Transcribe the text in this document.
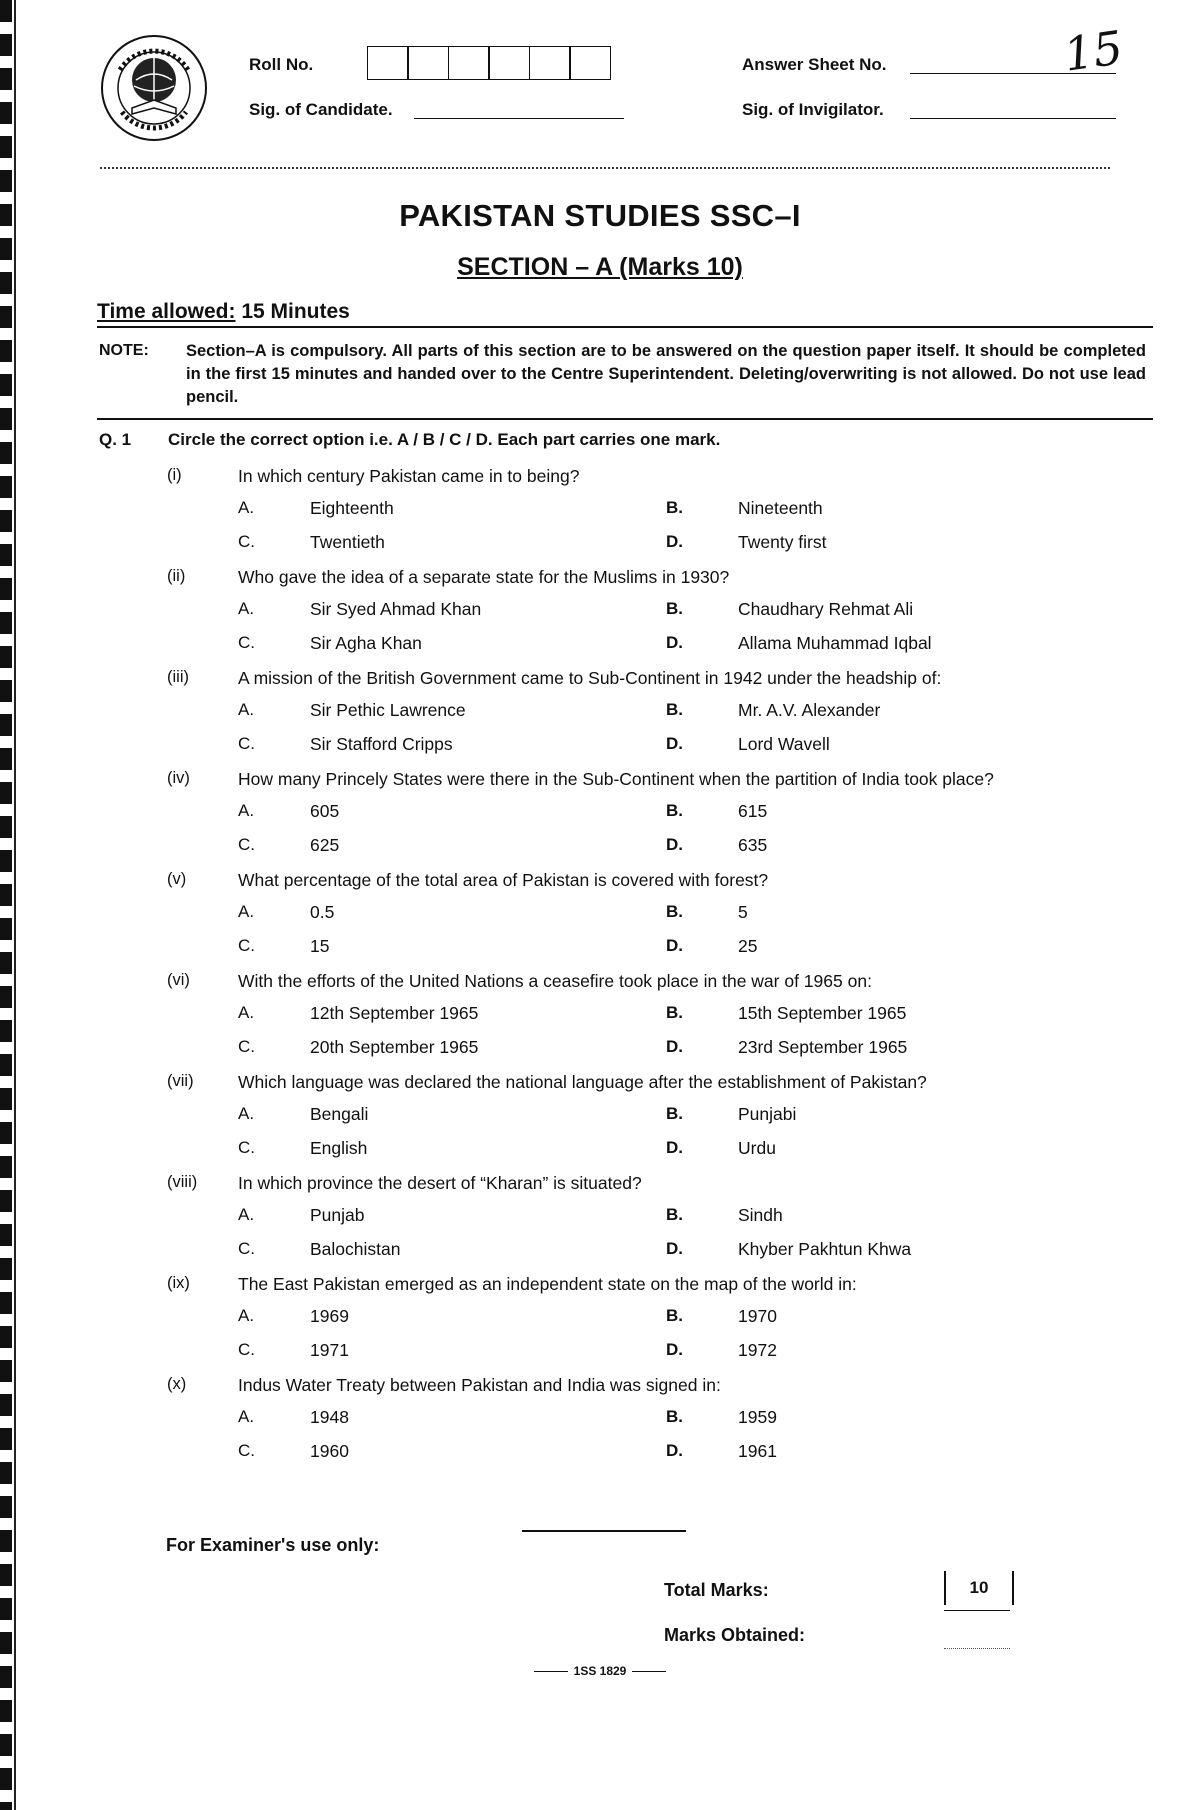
Roll No.
Sig. of Candidate.
Answer Sheet No.	15
Sig. of Invigilator.
PAKISTAN STUDIES SSC–I
SECTION – A (Marks 10)
Time allowed: 15 Minutes
NOTE: Section–A is compulsory. All parts of this section are to be answered on the question paper itself. It should be completed in the first 15 minutes and handed over to the Centre Superintendent. Deleting/overwriting is not allowed. Do not use lead pencil.
Q. 1 Circle the correct option i.e. A / B / C / D. Each part carries one mark.
(i)	In which century Pakistan came in to being?
A.	Eighteenth	B.	Nineteenth
C.	Twentieth	D.	Twenty first
(ii)	Who gave the idea of a separate state for the Muslims in 1930?
A.	Sir Syed Ahmad Khan	B.	Chaudhary Rehmat Ali
C.	Sir Agha Khan	D.	Allama Muhammad Iqbal
(iii)	A mission of the British Government came to Sub-Continent in 1942 under the headship of:
A.	Sir Pethic Lawrence	B.	Mr. A.V. Alexander
C.	Sir Stafford Cripps	D.	Lord Wavell
(iv)	How many Princely States were there in the Sub-Continent when the partition of India took place?
A.	605	B.	615
C.	625	D.	635
(v)	What percentage of the total area of Pakistan is covered with forest?
A.	0.5	B.	5
C.	15	D.	25
(vi)	With the efforts of the United Nations a ceasefire took place in the war of 1965 on:
A.	12th September 1965	B.	15th September 1965
C.	20th September 1965	D.	23rd September 1965
(vii)	Which language was declared the national language after the establishment of Pakistan?
A.	Bengali	B.	Punjabi
C.	English	D.	Urdu
(viii) In which province the desert of “Kharan” is situated?
A.	Punjab	B.	Sindh
C.	Balochistan	D.	Khyber Pakhtun Khwa
(ix)	The East Pakistan emerged as an independent state on the map of the world in:
A.	1969	B.	1970
C.	1971	D.	1972
(x)	Indus Water Treaty between Pakistan and India was signed in:
A.	1948	B.	1959
C.	1960	D.	1961
For Examiner's use only:
Total Marks:	10
Marks Obtained:
1SS 1829
